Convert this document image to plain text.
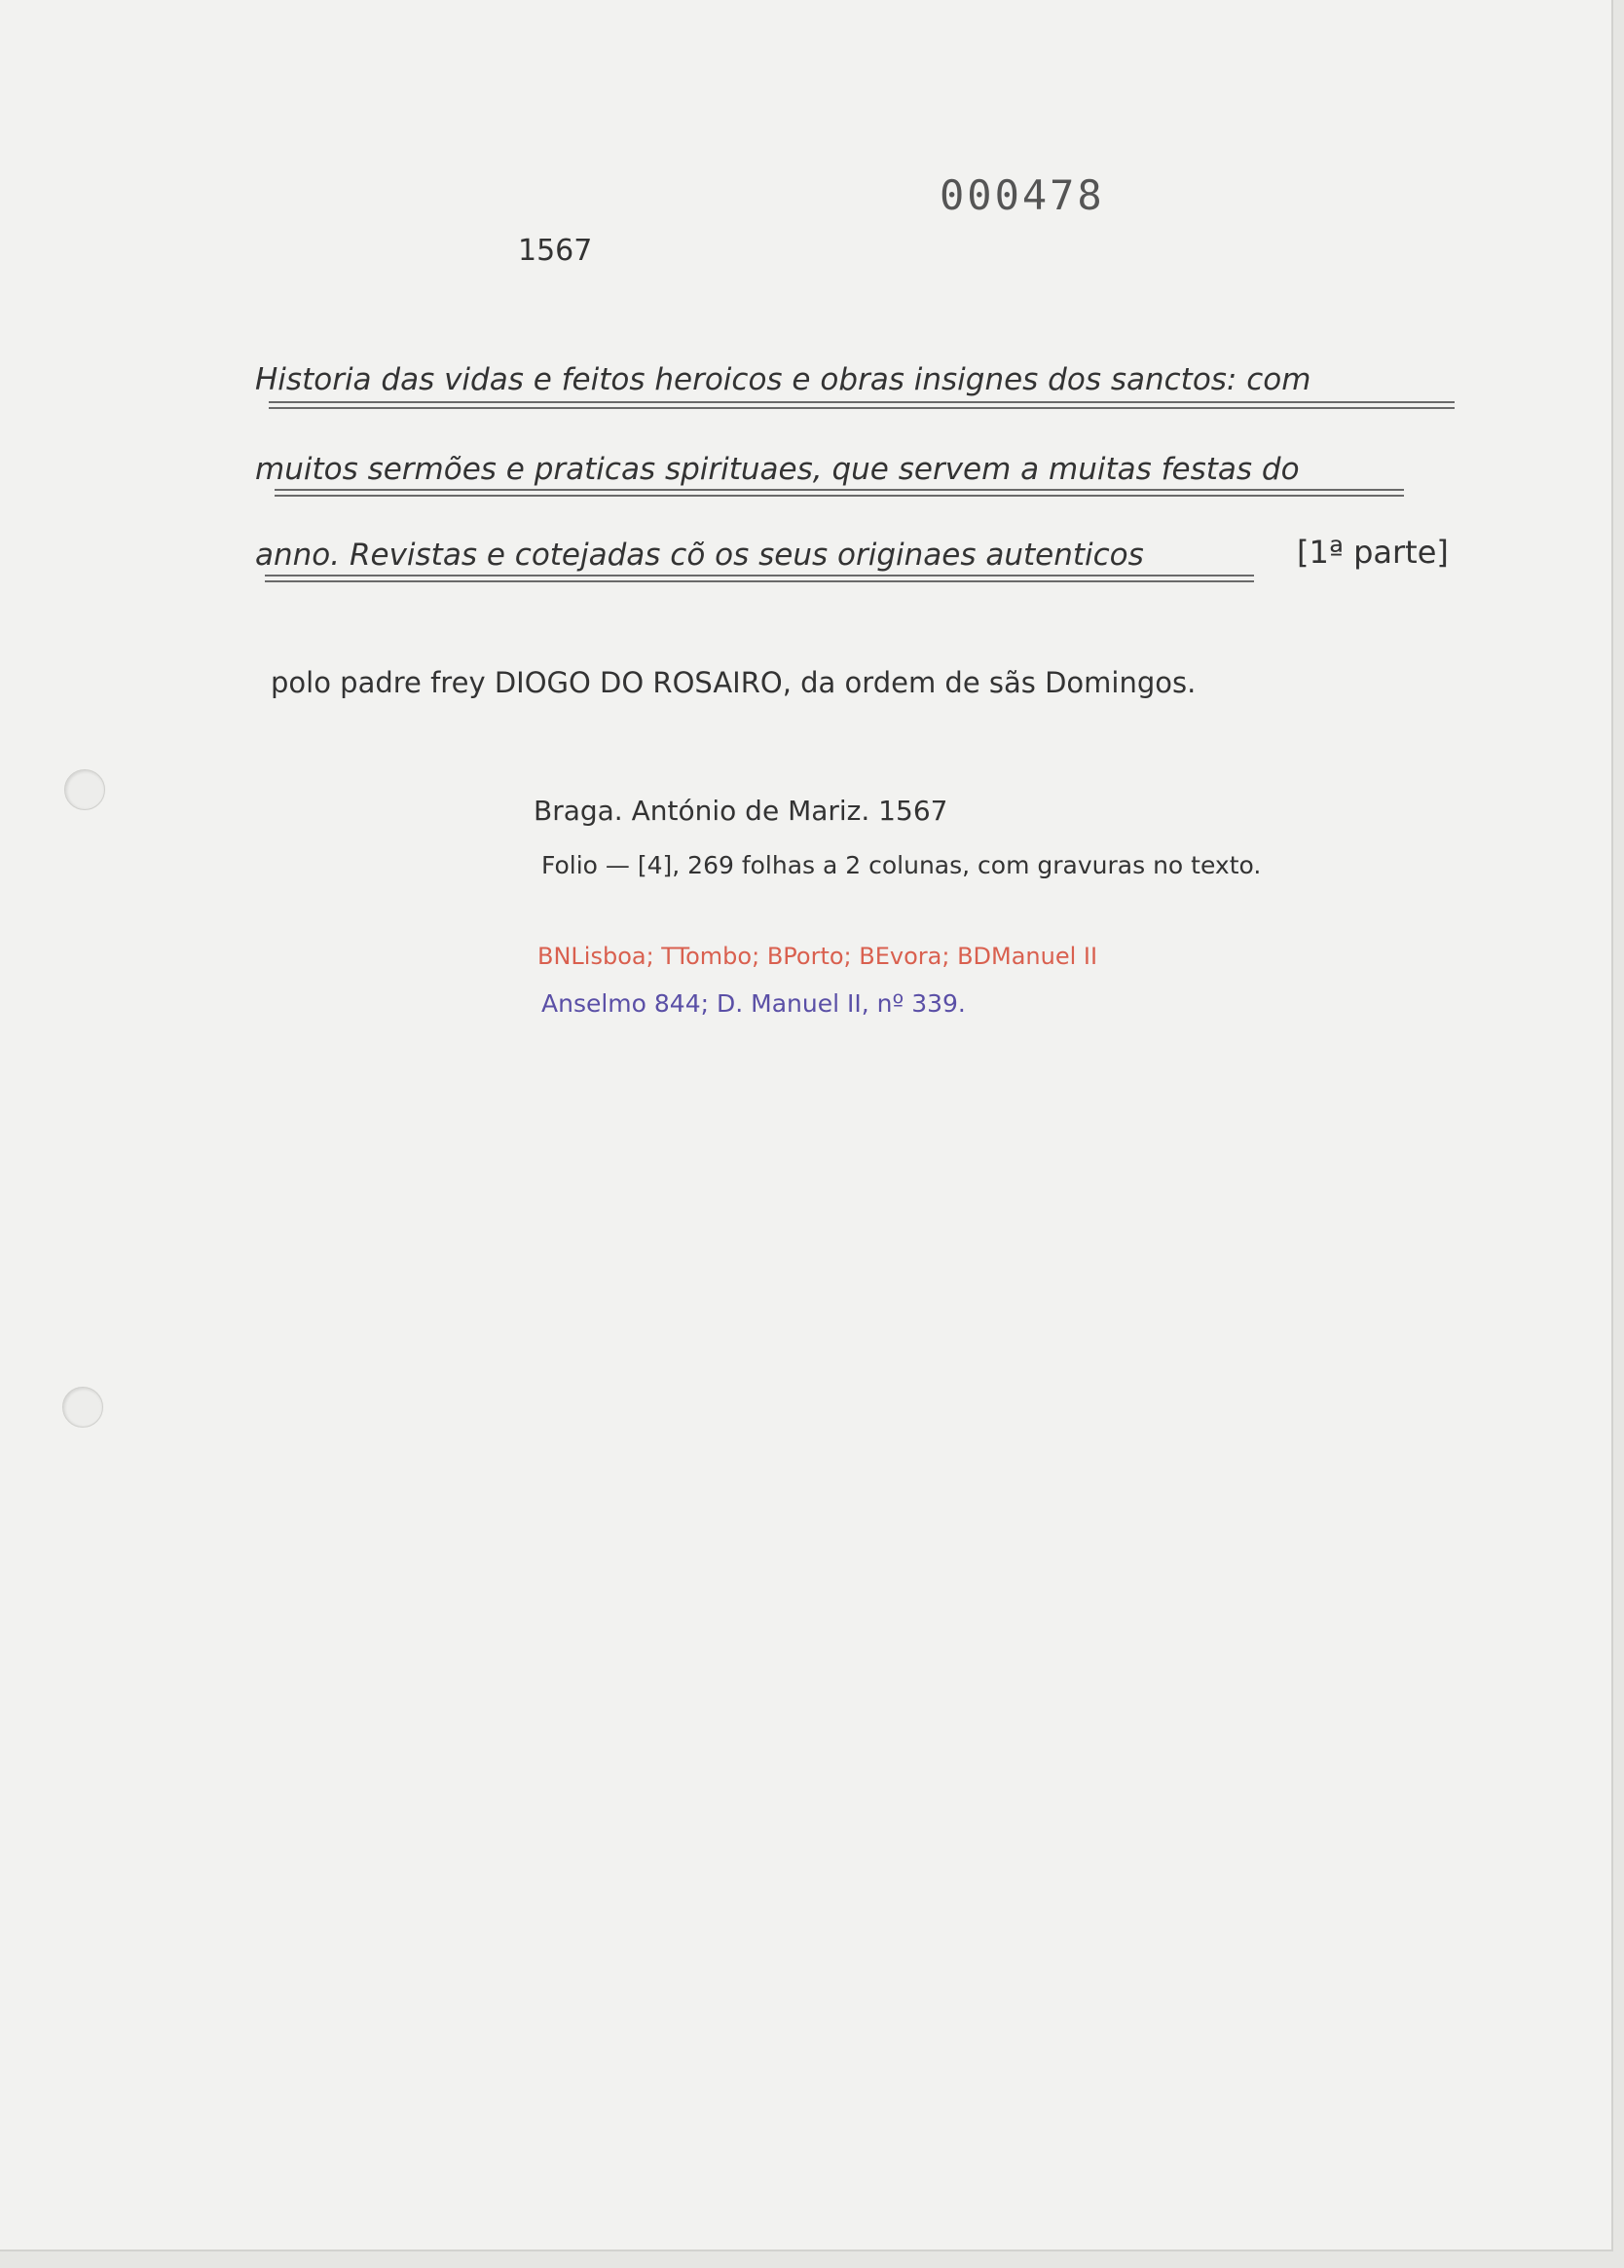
000478
1567
Historia das vidas e feitos heroicos e obras insignes dos sanctos: com
muitos sermões e praticas spirituaes, que servem a muitas festas do
anno. Revistas e cotejadas cõ os seus originaes autenticos	[1ª parte]
polo padre frey DIOGO DO ROSAIRO, da ordem de sãs Domingos.
Braga. António de Mariz. 1567
Folio — [4], 269 folhas a 2 colunas, com gravuras no texto.
BNLisboa; TTombo; BPorto; BEvora; BDManuel II
Anselmo 844; D. Manuel II, nº 339.
